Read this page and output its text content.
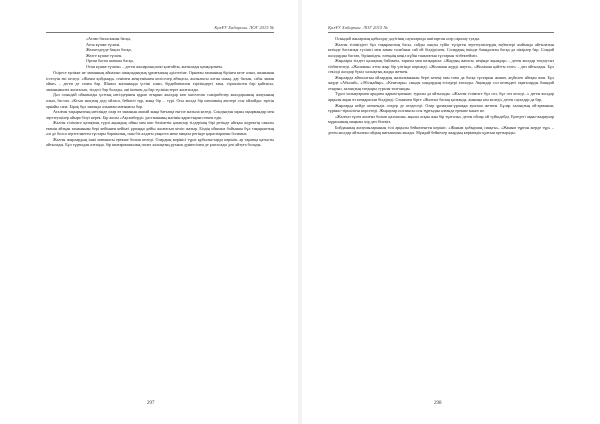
ҚазҰУ Хабаршы. ЛОГ 2015 №

«Атлап басыскашы басқа,

Атпа күшке түскен.

Желкелдеуде бақсы басқа,

Желге күшке түскен.

Ортан басты шапшы басқа,

Отан күшке түскен» – деген жыларлың көкі қозғайты, жазылады қамқорлығы.

Осіресе ерлікке не заманның айналып шықпадықтық ұрпағының әділтегіне. Орнаған заманның бірінен келе алып, шынынан істелуін екі келеді. «Жазам қойдыңда, сенімен жеңгенімнен келіселер айтқасы, жазылысы алған оның, дау басын, сабы заман ойне» – деген де сенен бар. Шамал жазаныңда үстіні алып, бірдеймікөлен тәрізіндергі ғана, тіршіліктен бар қайтысы, заманымызға жалғасып, тілдесі бар болады, әні ішенен дә бар түсінікстерге жалғасады.

Дәл осындай ойымызды ұлттық негіздерінен құрап отырып жылдар көп мәселелік тәжірибелер жылдарының жазуының алып, бастап. «Кітәп жоқтың деді ойласа, бейнелі тұр, жаңа бір ... түрі. Осы жолда бір шешімнің жіптері осы ойлайды: өрісін арнайы сапа. Бірақ бұл заманда алынған мағынасы бар.

Аталған тақырыптың негізінде олар өз заманын ашпай жаңа бағытқа енгізе жазыла келеді. Сондықтан мұны оқырмандар мен зерттеушілер айыра білуі керек. Бір жолы «Ақтамберді» дастанының мәтінін қарастырып өткен едік.

Жалпы тілімізге қазақтың түрлі ақындық ойын мен көп бөлінетін қазақтар тілдерінің бірі ретінде айтқан жүректің саналы екенін айтқан заманынан бері кейіннен кейінгі ұрпаққа дейін жалғасып келіп жатыр. Біздің ойымыз бойынша бұл тақырыптың әлі де болса зерттелмеген тұстары баршылық, оны біз алдағы уақытта жеке мақала ретінде қарастыратын боламыз.

Жалпы жырлардың ішкі мағынасы ерекше болып келеді. Олардың көрінісі түрлі құбылыстарда көрініп, әр тарапқа қатысты айтылады. Бұл тұрғыдан алғанда, бір шығармашылық сипат халықтың рухани дүниесімен де ұштасады деп айтуға болады.

297
ҚазҰУ Хабаршы. ЛОГ 2015 №

Осындай жыларлың қабылдау дәуітінің сауытарыда шиітартан әсер саралау туады.

Жалпы тіліміздегі бұл тақырыптың басы, сайды сықты түйіп түсірген зерттеушілердің еңбектері жайында айтылатын кезінде бастапқы түсінігі мен заман талабына сай ой білдірілген. Солардың ішінде баяндалған басқа да пікірлер бар. Сондай жолдардан бастап, біріншіден, өлеңнің көңіл күйін танытатын тұстарын тізбектейміз.

Жырлары тілдегі қазақтың байлығы, тарихы мен көзқарасы: «Жаудың жағасы, кеңінде ақындар» – деген жолдар тоқтаусыз тізбектеледі. «Жоламан» атты жыр бір үзігінде көрінеді: «Жоламан жүрді жауға», «Жоламан қайтты елге» – деп айтылады. Бұл секілді жолдар бүкіл халықтық жадқа жеткен.

Жырларда айтылатын ойлардың жазылғанынан бергі кезеңі мен тағы да басқа тұстарын жинап, жүйелеп айтқан жөн. Бұл жерде «Абылай», «Әбілқайыр», «Кенесары» сынды хандардың есімдері аталады. Ақындар сол кезеңдегі оқиғаларды баяндай отырып, халықтың тағдыры туралы толғанады.

Түрлі халықтармен арадағы қарым-қатынас туралы да айтылады: «Жалпы тілімізге бұл сөз, бұл сөз келеді...» деген жолдар арқылы ақын өз көзқарасын білдіреді. Сонымен бірге «Жалғыз басың қалғанда, жаныңа кім келеді» деген сауалдар да бар.

Жырларда кейде шешендік сөздер де кездеседі. Олар ұрпақтан-ұрпаққа ауызша жеткен. Бұлар халықтың ой-арманын, тұрмыс-тіршілігін көрсетеді. Жыраулар поэзиясы осы тұрғыдан алғанда ерекше мәнге ие.

«Жалғыз тұлға жалғыз болып қалмасын, ақылы асқан жан бір тұлғалы» деген ойлар ой түйіндейді. Ертедегі ақын-жыраулар мұрасының маңызы зор деп білеміз.

Бойданның жазушыларының тілі арқылы бейнеленген көрініс: «Жаным қабыршақ сияқты», «Жаным тұрған жерде тұр» – деген жолдар айтылған ойдың мағынасын ашады. Мұндай бейнелер жырдың көркемдік қуатын арттырады.

298
